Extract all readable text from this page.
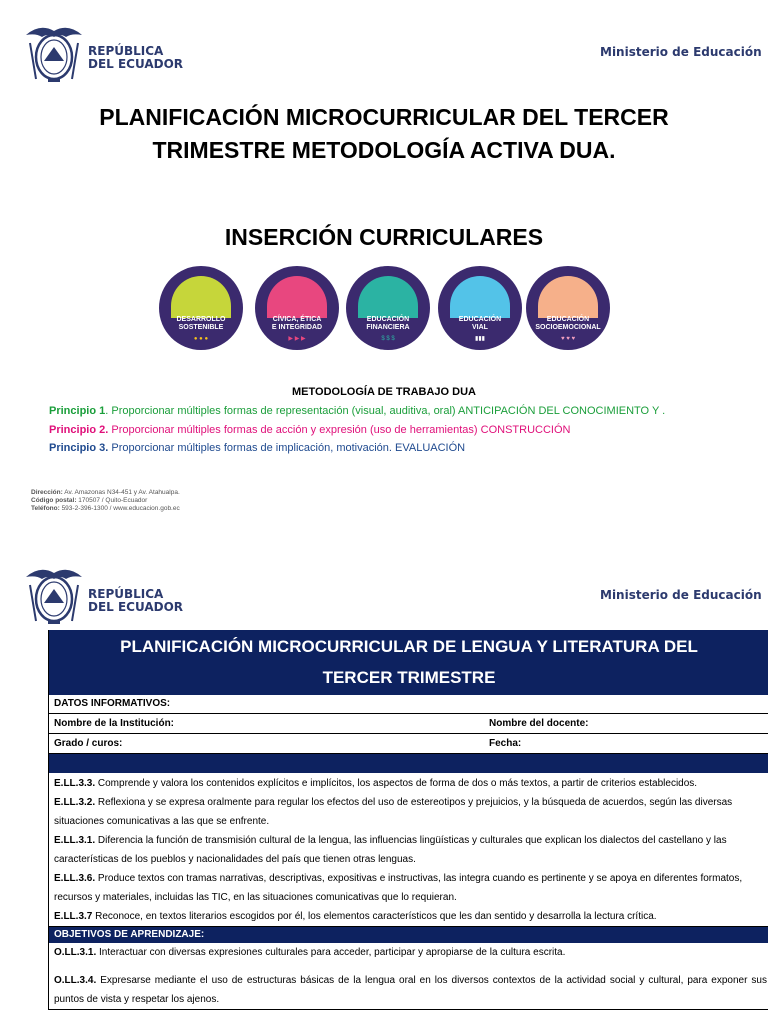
REPÚBLICA
DEL ECUADOR
Ministerio de Educación
PLANIFICACIÓN MICROCURRICULAR DEL TERCER
TRIMESTRE METODOLOGÍA ACTIVA DUA.
INSERCIÓN CURRICULARES
DESARROLLO
SOSTENIBLE
● ● ●
CÍVICA, ÉTICA
E INTEGRIDAD
▶ ▶ ▶
EDUCACIÓN
FINANCIERA
$ $ $
EDUCACIÓN
VIAL
▮▮▮
EDUCACIÓN
SOCIOEMOCIONAL
♥ ♥ ♥
METODOLOGÍA DE TRABAJO DUA
Principio 1. Proporcionar múltiples formas de representación (visual, auditiva, oral) ANTICIPACIÓN DEL CONOCIMIENTO Y .
Principio 2. Proporcionar múltiples formas de acción y expresión (uso de herramientas) CONSTRUCCIÓN
Principio 3. Proporcionar múltiples formas de implicación, motivación. EVALUACIÓN
Dirección: Av. Amazonas N34-451 y Av. Atahualpa.
Código postal: 170507 / Quito-Ecuador
Teléfono: 593-2-396-1300 / www.educacion.gob.ec
REPÚBLICA
DEL ECUADOR
Ministerio de Educación
PLANIFICACIÓN MICROCURRICULAR DE LENGUA Y LITERATURA DEL
TERCER TRIMESTRE
DATOS INFORMATIVOS:
Nombre de la Institución:	Nombre del docente:
Grado / curos:	Fecha:
E.LL.3.3. Comprende y valora los contenidos explícitos e implícitos, los aspectos de forma de dos o más textos, a partir de criterios establecidos.
E.LL.3.2. Reflexiona y se expresa oralmente para regular los efectos del uso de estereotipos y prejuicios, y la búsqueda de acuerdos, según las diversas situaciones comunicativas a las que se enfrente.
E.LL.3.1. Diferencia la función de transmisión cultural de la lengua, las influencias lingüísticas y culturales que explican los dialectos del castellano y las características de los pueblos y nacionalidades del país que tienen otras lenguas.
E.LL.3.6. Produce textos con tramas narrativas, descriptivas, expositivas e instructivas, las integra cuando es pertinente y se apoya en diferentes formatos, recursos y materiales, incluidas las TIC, en las situaciones comunicativas que lo requieran.
E.LL.3.7 Reconoce, en textos literarios escogidos por él, los elementos característicos que les dan sentido y desarrolla la lectura crítica.
OBJETIVOS DE APRENDIZAJE:
O.LL.3.1. Interactuar con diversas expresiones culturales para acceder, participar y apropiarse de la cultura escrita.
O.LL.3.4. Expresarse mediante el uso de estructuras básicas de la lengua oral en los diversos contextos de la actividad social y cultural, para exponer sus puntos de vista y respetar los ajenos.
